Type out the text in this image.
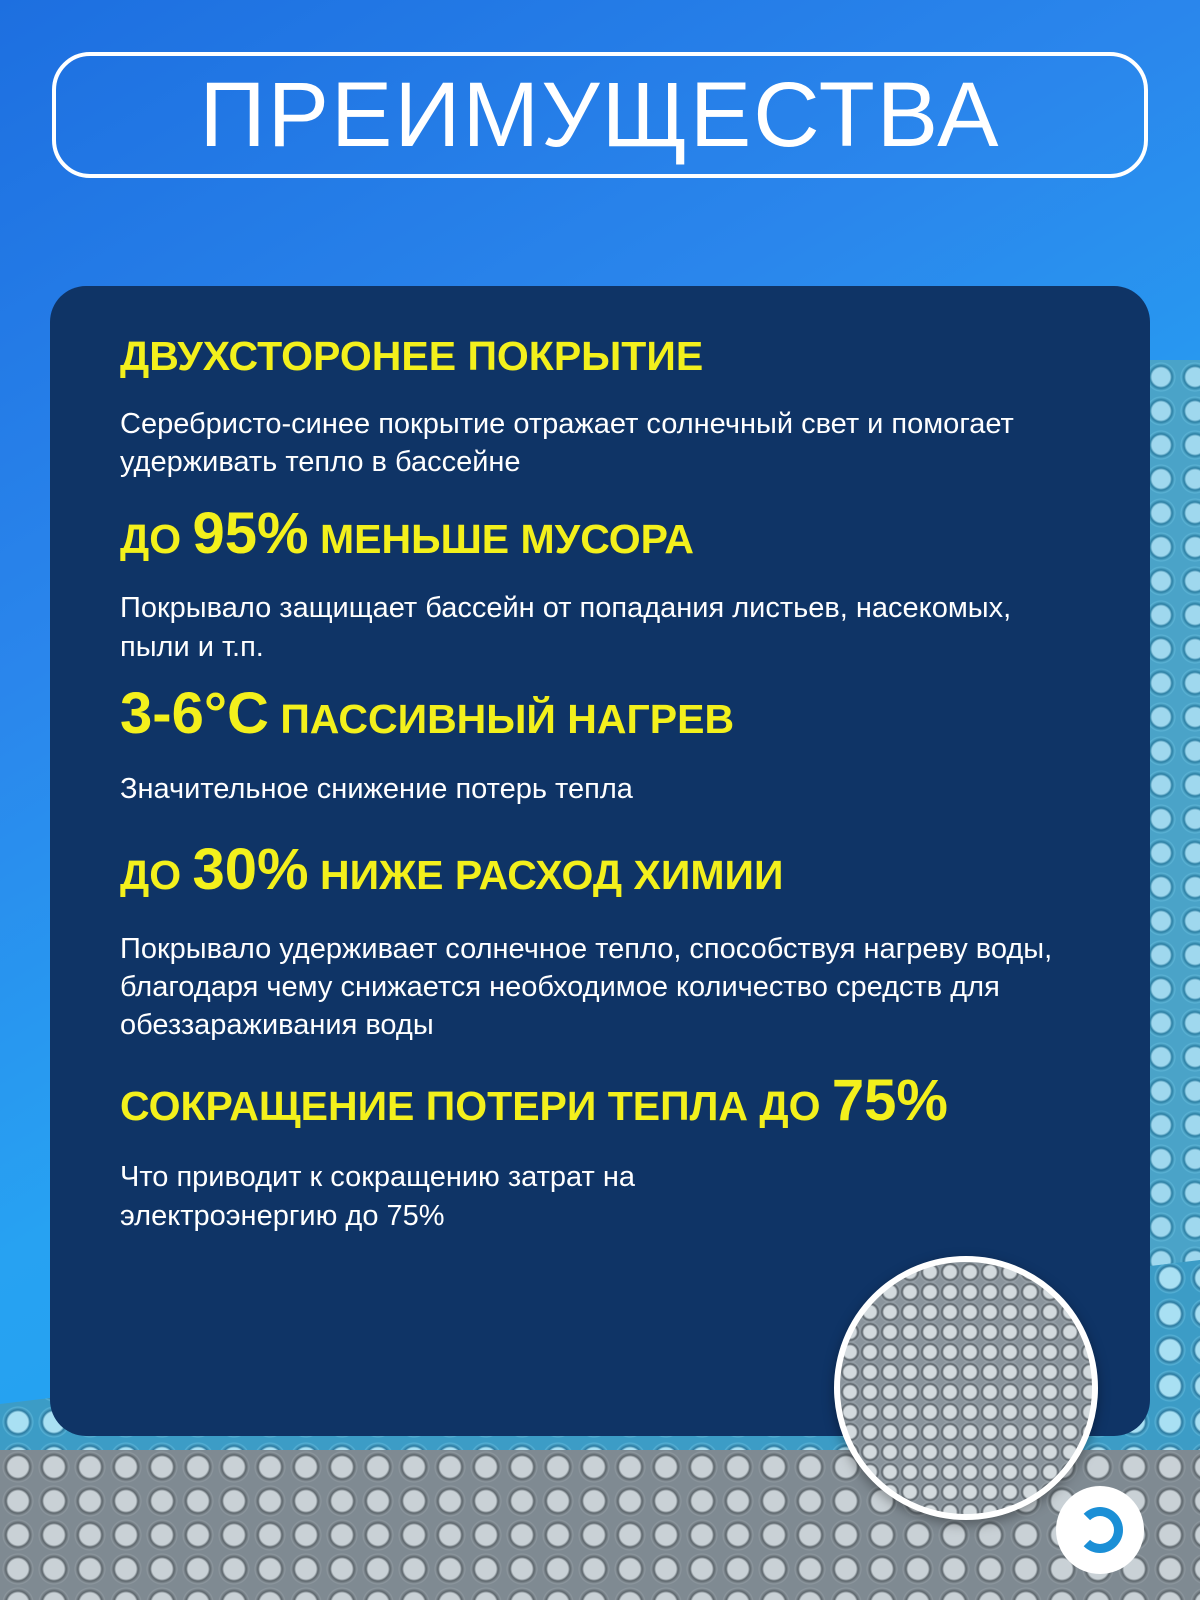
ПРЕИМУЩЕСТВА

ДВУХСТОРОНЕЕ ПОКРЫТИЕ

Серебристо-синее покрытие отражает солнечный свет и помогает удерживать тепло в бассейне

ДО 95% МЕНЬШЕ МУСОРА

Покрывало защищает бассейн от попадания листьев, насекомых, пыли и т.п.

3-6°C ПАССИВНЫЙ НАГРЕВ

Значительное снижение потерь тепла

ДО 30% НИЖЕ РАСХОД ХИМИИ

Покрывало удерживает солнечное тепло, способствуя нагреву воды, благодаря чему снижается необходимое количество средств для обеззараживания воды

СОКРАЩЕНИЕ ПОТЕРИ ТЕПЛА ДО 75%

Что приводит к сокращению затрат на электроэнергию до 75%
